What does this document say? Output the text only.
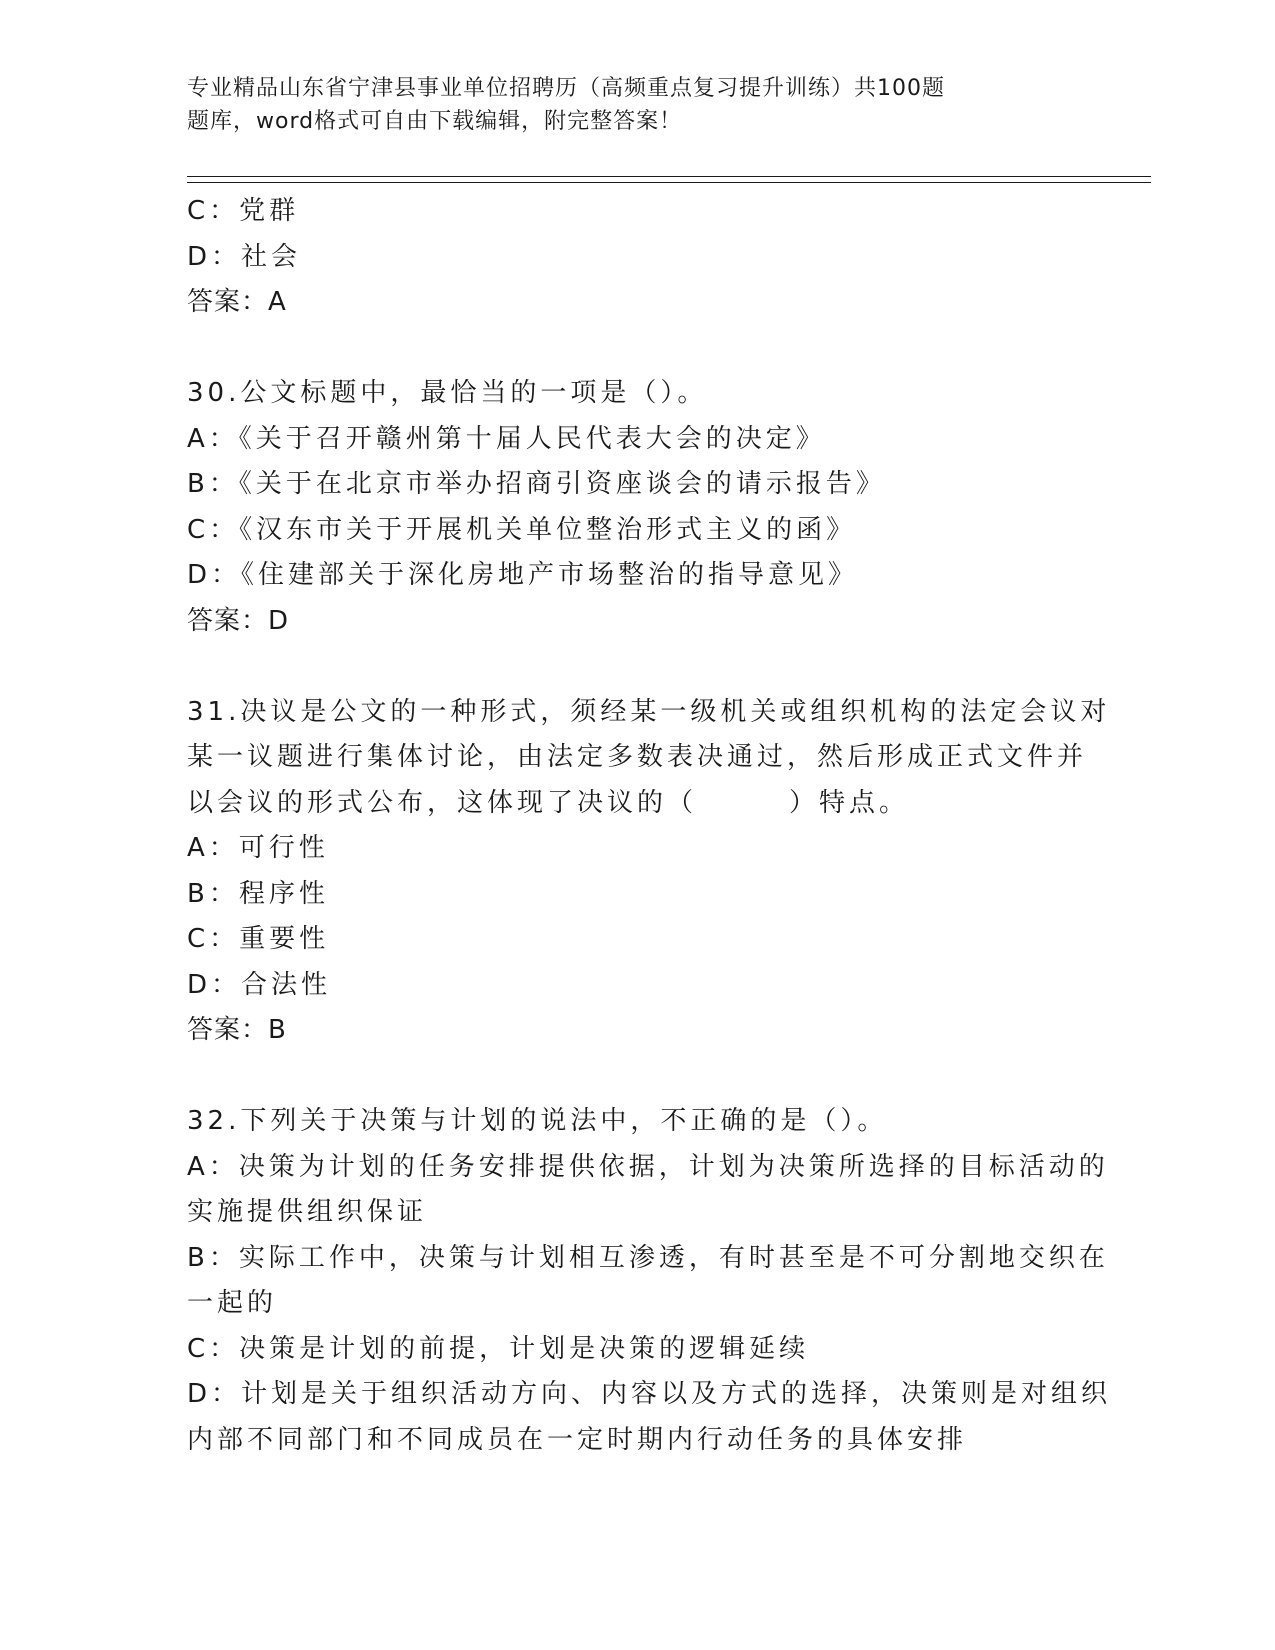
专业精品山东省宁津县事业单位招聘历（高频重点复习提升训练）共100题
题库，word格式可自由下载编辑，附完整答案！
C：党群
D：社会
答案：A
30.公文标题中，最恰当的一项是（）。
A：《关于召开赣州第十届人民代表大会的决定》
B：《关于在北京市举办招商引资座谈会的请示报告》
C：《汉东市关于开展机关单位整治形式主义的函》
D：《住建部关于深化房地产市场整治的指导意见》
答案：D
31.决议是公文的一种形式，须经某一级机关或组织机构的法定会议对
某一议题进行集体讨论，由法定多数表决通过，然后形成正式文件并
以会议的形式公布，这体现了决议的（	）特点。
A：可行性
B：程序性
C：重要性
D：合法性
答案：B
32.下列关于决策与计划的说法中，不正确的是（）。
A：决策为计划的任务安排提供依据，计划为决策所选择的目标活动的
实施提供组织保证
B：实际工作中，决策与计划相互渗透，有时甚至是不可分割地交织在
一起的
C：决策是计划的前提，计划是决策的逻辑延续
D：计划是关于组织活动方向、内容以及方式的选择，决策则是对组织
内部不同部门和不同成员在一定时期内行动任务的具体安排
